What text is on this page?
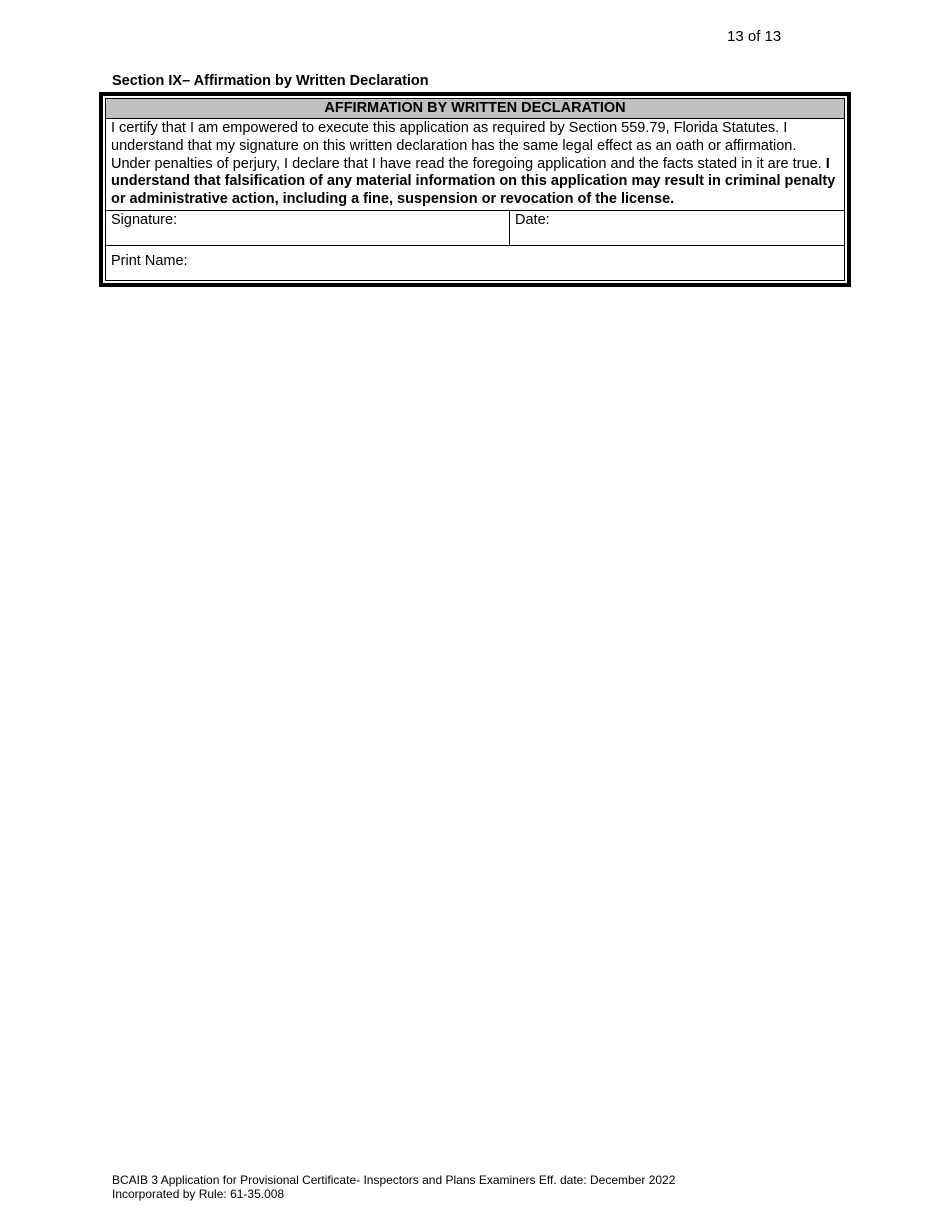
13 of 13
Section IX– Affirmation by Written Declaration
AFFIRMATION BY WRITTEN DECLARATION
I certify that I am empowered to execute this application as required by Section 559.79, Florida Statutes. I understand that my signature on this written declaration has the same legal effect as an oath or affirmation. Under penalties of perjury, I declare that I have read the foregoing application and the facts stated in it are true. I understand that falsification of any material information on this application may result in criminal penalty or administrative action, including a fine, suspension or revocation of the license.
Signature:	Date:
Print Name:
BCAIB 3 Application for Provisional Certificate- Inspectors and Plans Examiners Eff. date: December 2022
Incorporated by Rule: 61-35.008
